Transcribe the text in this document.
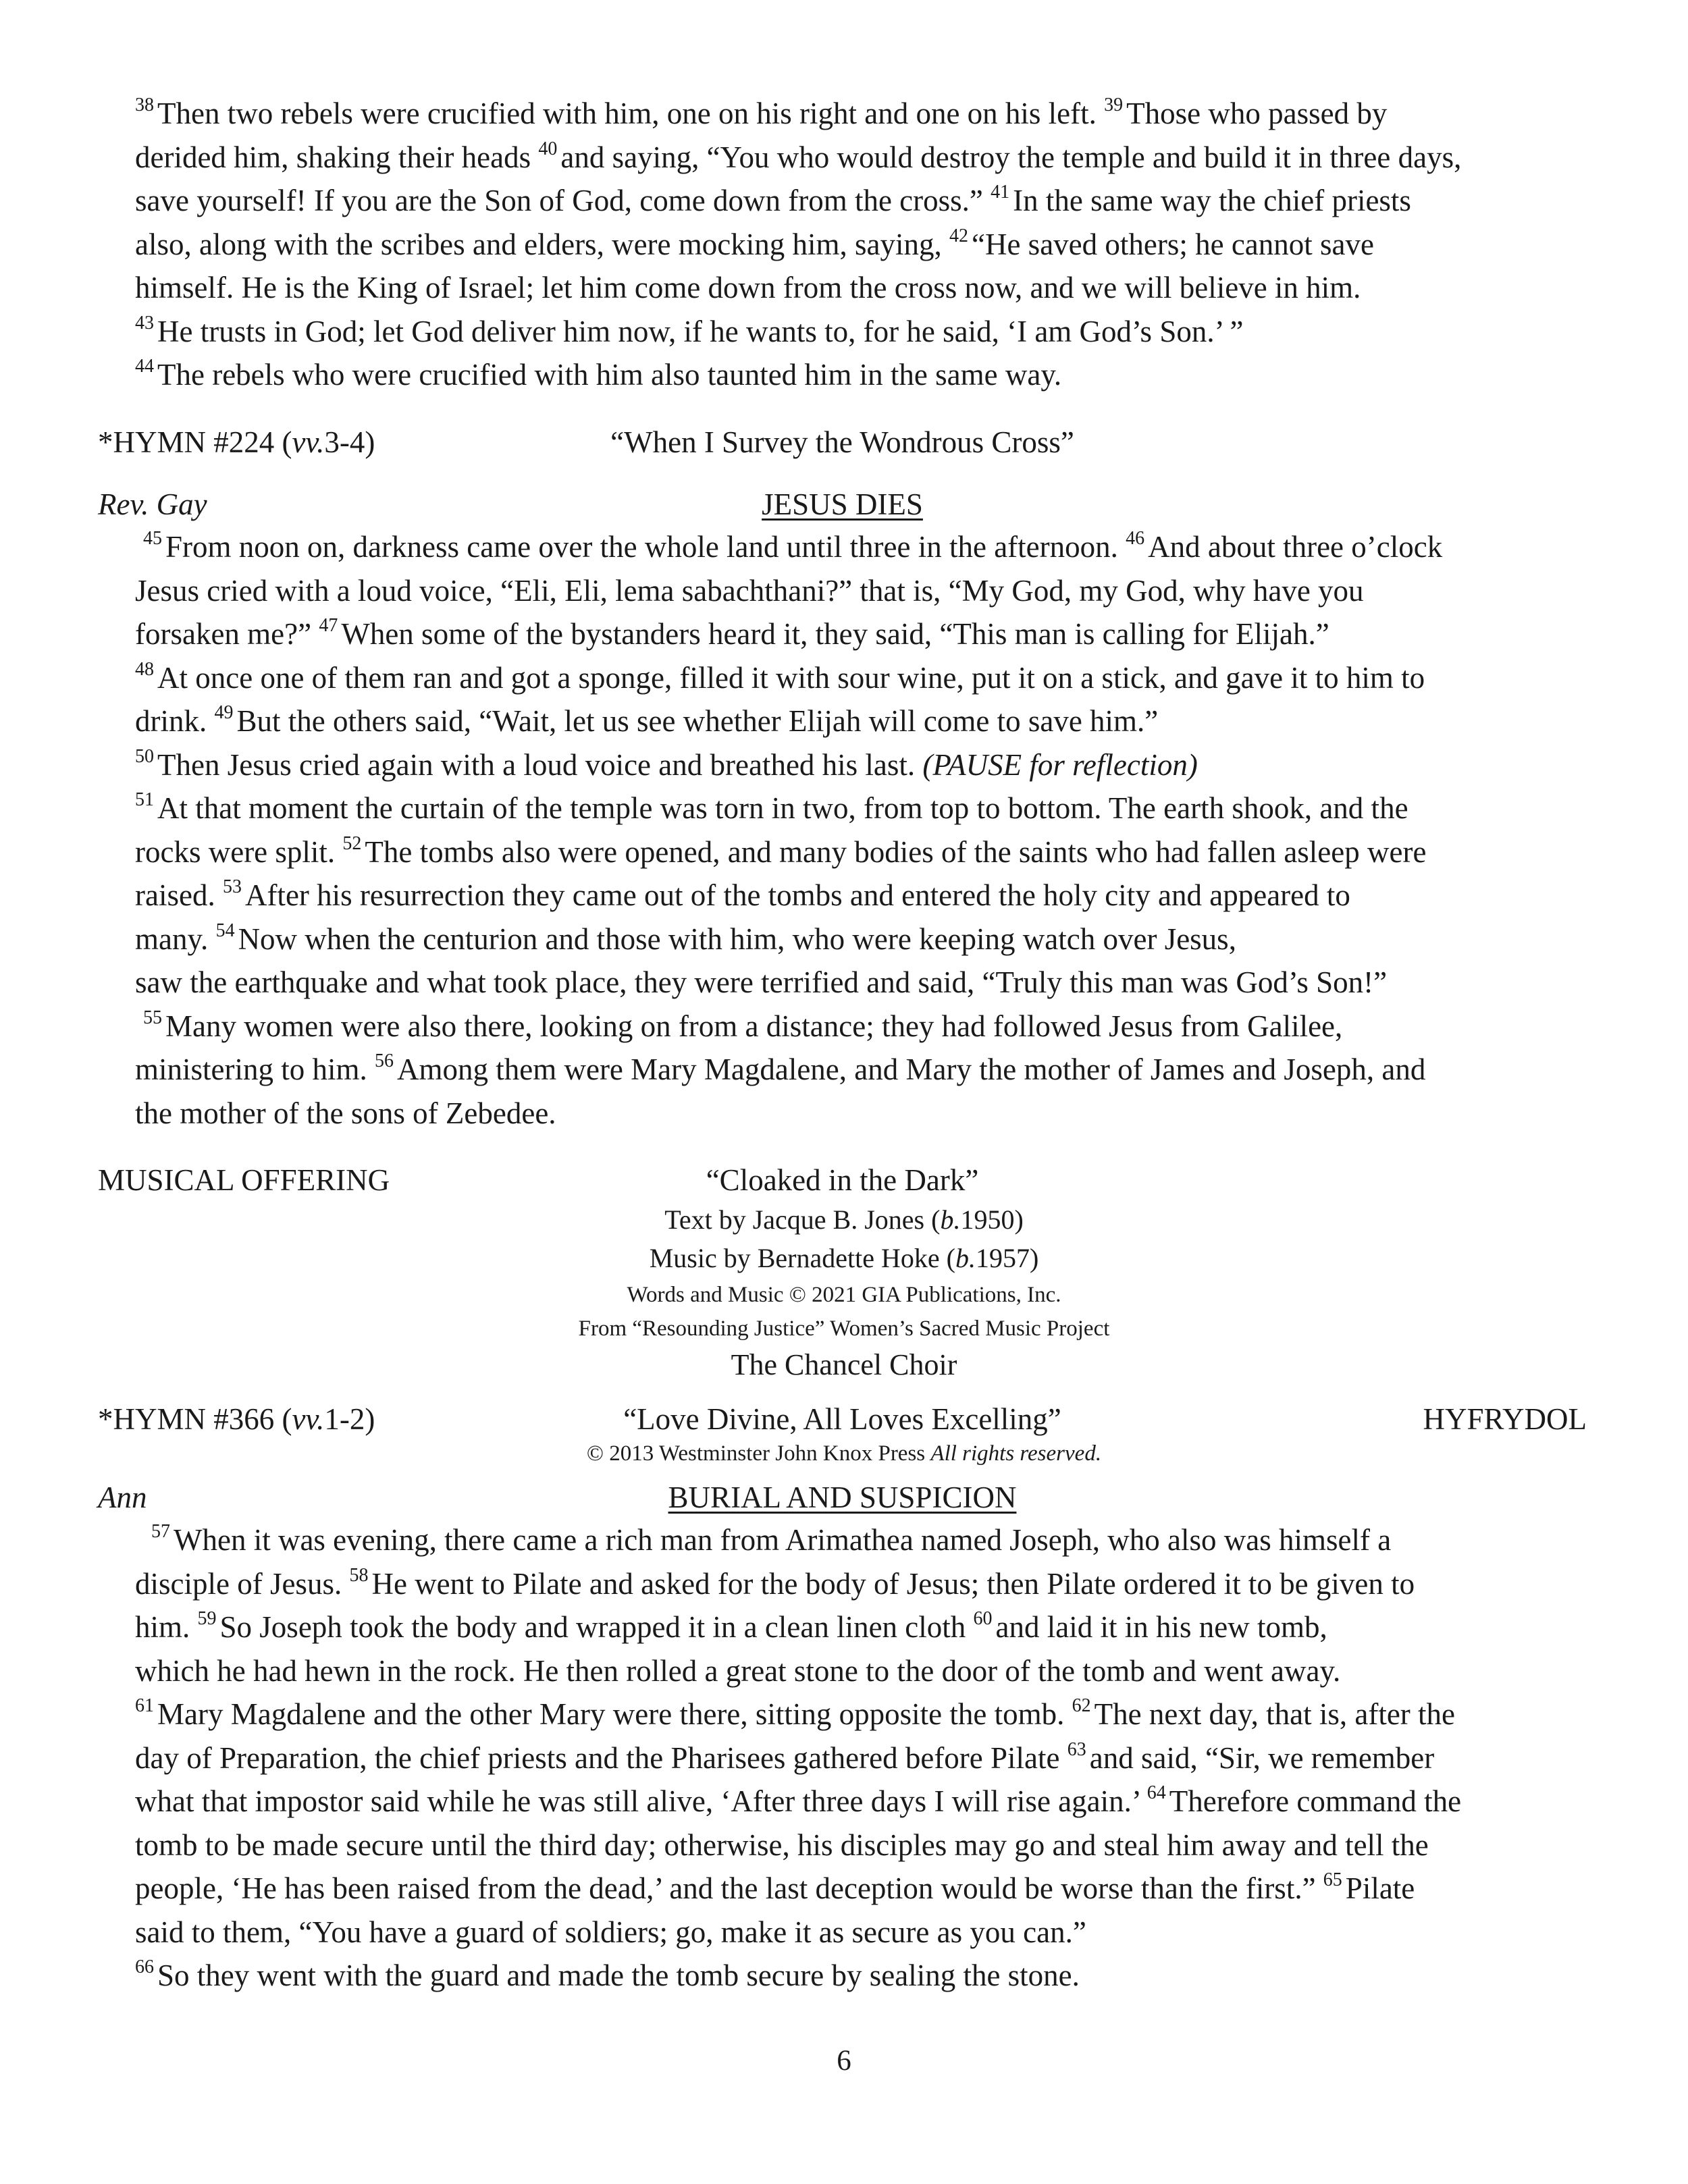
$^{38}$ Then two rebels were crucified with him, one on his right and one on his left. $^{39}$ Those who passed by
derided him, shaking their heads $^{40}$ and saying, “You who would destroy the temple and build it in three days,
save yourself! If you are the Son of God, come down from the cross.” $^{41}$ In the same way the chief priests
also, along with the scribes and elders, were mocking him, saying, $^{42}$ “He saved others; he cannot save
himself. He is the King of Israel; let him come down from the cross now, and we will believe in him.
$^{43}$ He trusts in God; let God deliver him now, if he wants to, for he said, ‘I am God’s Son.’ ”
$^{44}$ The rebels who were crucified with him also taunted him in the same way.
*HYMN #224 (vv.3-4)	“When I Survey the Wondrous Cross”
Rev. Gay	JESUS DIES
$^{45}$ From noon on, darkness came over the whole land until three in the afternoon. $^{46}$ And about three o’clock
Jesus cried with a loud voice, “Eli, Eli, lema sabachthani?” that is, “My God, my God, why have you
forsaken me?” $^{47}$ When some of the bystanders heard it, they said, “This man is calling for Elijah.”
$^{48}$ At once one of them ran and got a sponge, filled it with sour wine, put it on a stick, and gave it to him to
drink. $^{49}$ But the others said, “Wait, let us see whether Elijah will come to save him.”
$^{50}$ Then Jesus cried again with a loud voice and breathed his last. (PAUSE for reflection)
$^{51}$ At that moment the curtain of the temple was torn in two, from top to bottom. The earth shook, and the
rocks were split. $^{52}$ The tombs also were opened, and many bodies of the saints who had fallen asleep were
raised. $^{53}$ After his resurrection they came out of the tombs and entered the holy city and appeared to
many. $^{54}$ Now when the centurion and those with him, who were keeping watch over Jesus,
saw the earthquake and what took place, they were terrified and said, “Truly this man was God’s Son!”
$^{55}$ Many women were also there, looking on from a distance; they had followed Jesus from Galilee,
ministering to him. $^{56}$ Among them were Mary Magdalene, and Mary the mother of James and Joseph, and
the mother of the sons of Zebedee.
MUSICAL OFFERING	“Cloaked in the Dark”
Text by Jacque B. Jones (b.1950)
Music by Bernadette Hoke (b.1957)
Words and Music © 2021 GIA Publications, Inc.
From “Resounding Justice” Women’s Sacred Music Project
The Chancel Choir
*HYMN #366 (vv.1-2)	“Love Divine, All Loves Excelling”	HYFRYDOL
© 2013 Westminster John Knox Press All rights reserved.
Ann	BURIAL AND SUSPICION
$^{57}$ When it was evening, there came a rich man from Arimathea named Joseph, who also was himself a
disciple of Jesus. $^{58}$ He went to Pilate and asked for the body of Jesus; then Pilate ordered it to be given to
him. $^{59}$ So Joseph took the body and wrapped it in a clean linen cloth $^{60}$ and laid it in his new tomb,
which he had hewn in the rock. He then rolled a great stone to the door of the tomb and went away.
$^{61}$ Mary Magdalene and the other Mary were there, sitting opposite the tomb. $^{62}$ The next day, that is, after the
day of Preparation, the chief priests and the Pharisees gathered before Pilate $^{63}$ and said, “Sir, we remember
what that impostor said while he was still alive, ‘After three days I will rise again.’ $^{64}$ Therefore command the
tomb to be made secure until the third day; otherwise, his disciples may go and steal him away and tell the
people, ‘He has been raised from the dead,’ and the last deception would be worse than the first.” $^{65}$ Pilate
said to them, “You have a guard of soldiers; go, make it as secure as you can.”
$^{66}$ So they went with the guard and made the tomb secure by sealing the stone.
6
